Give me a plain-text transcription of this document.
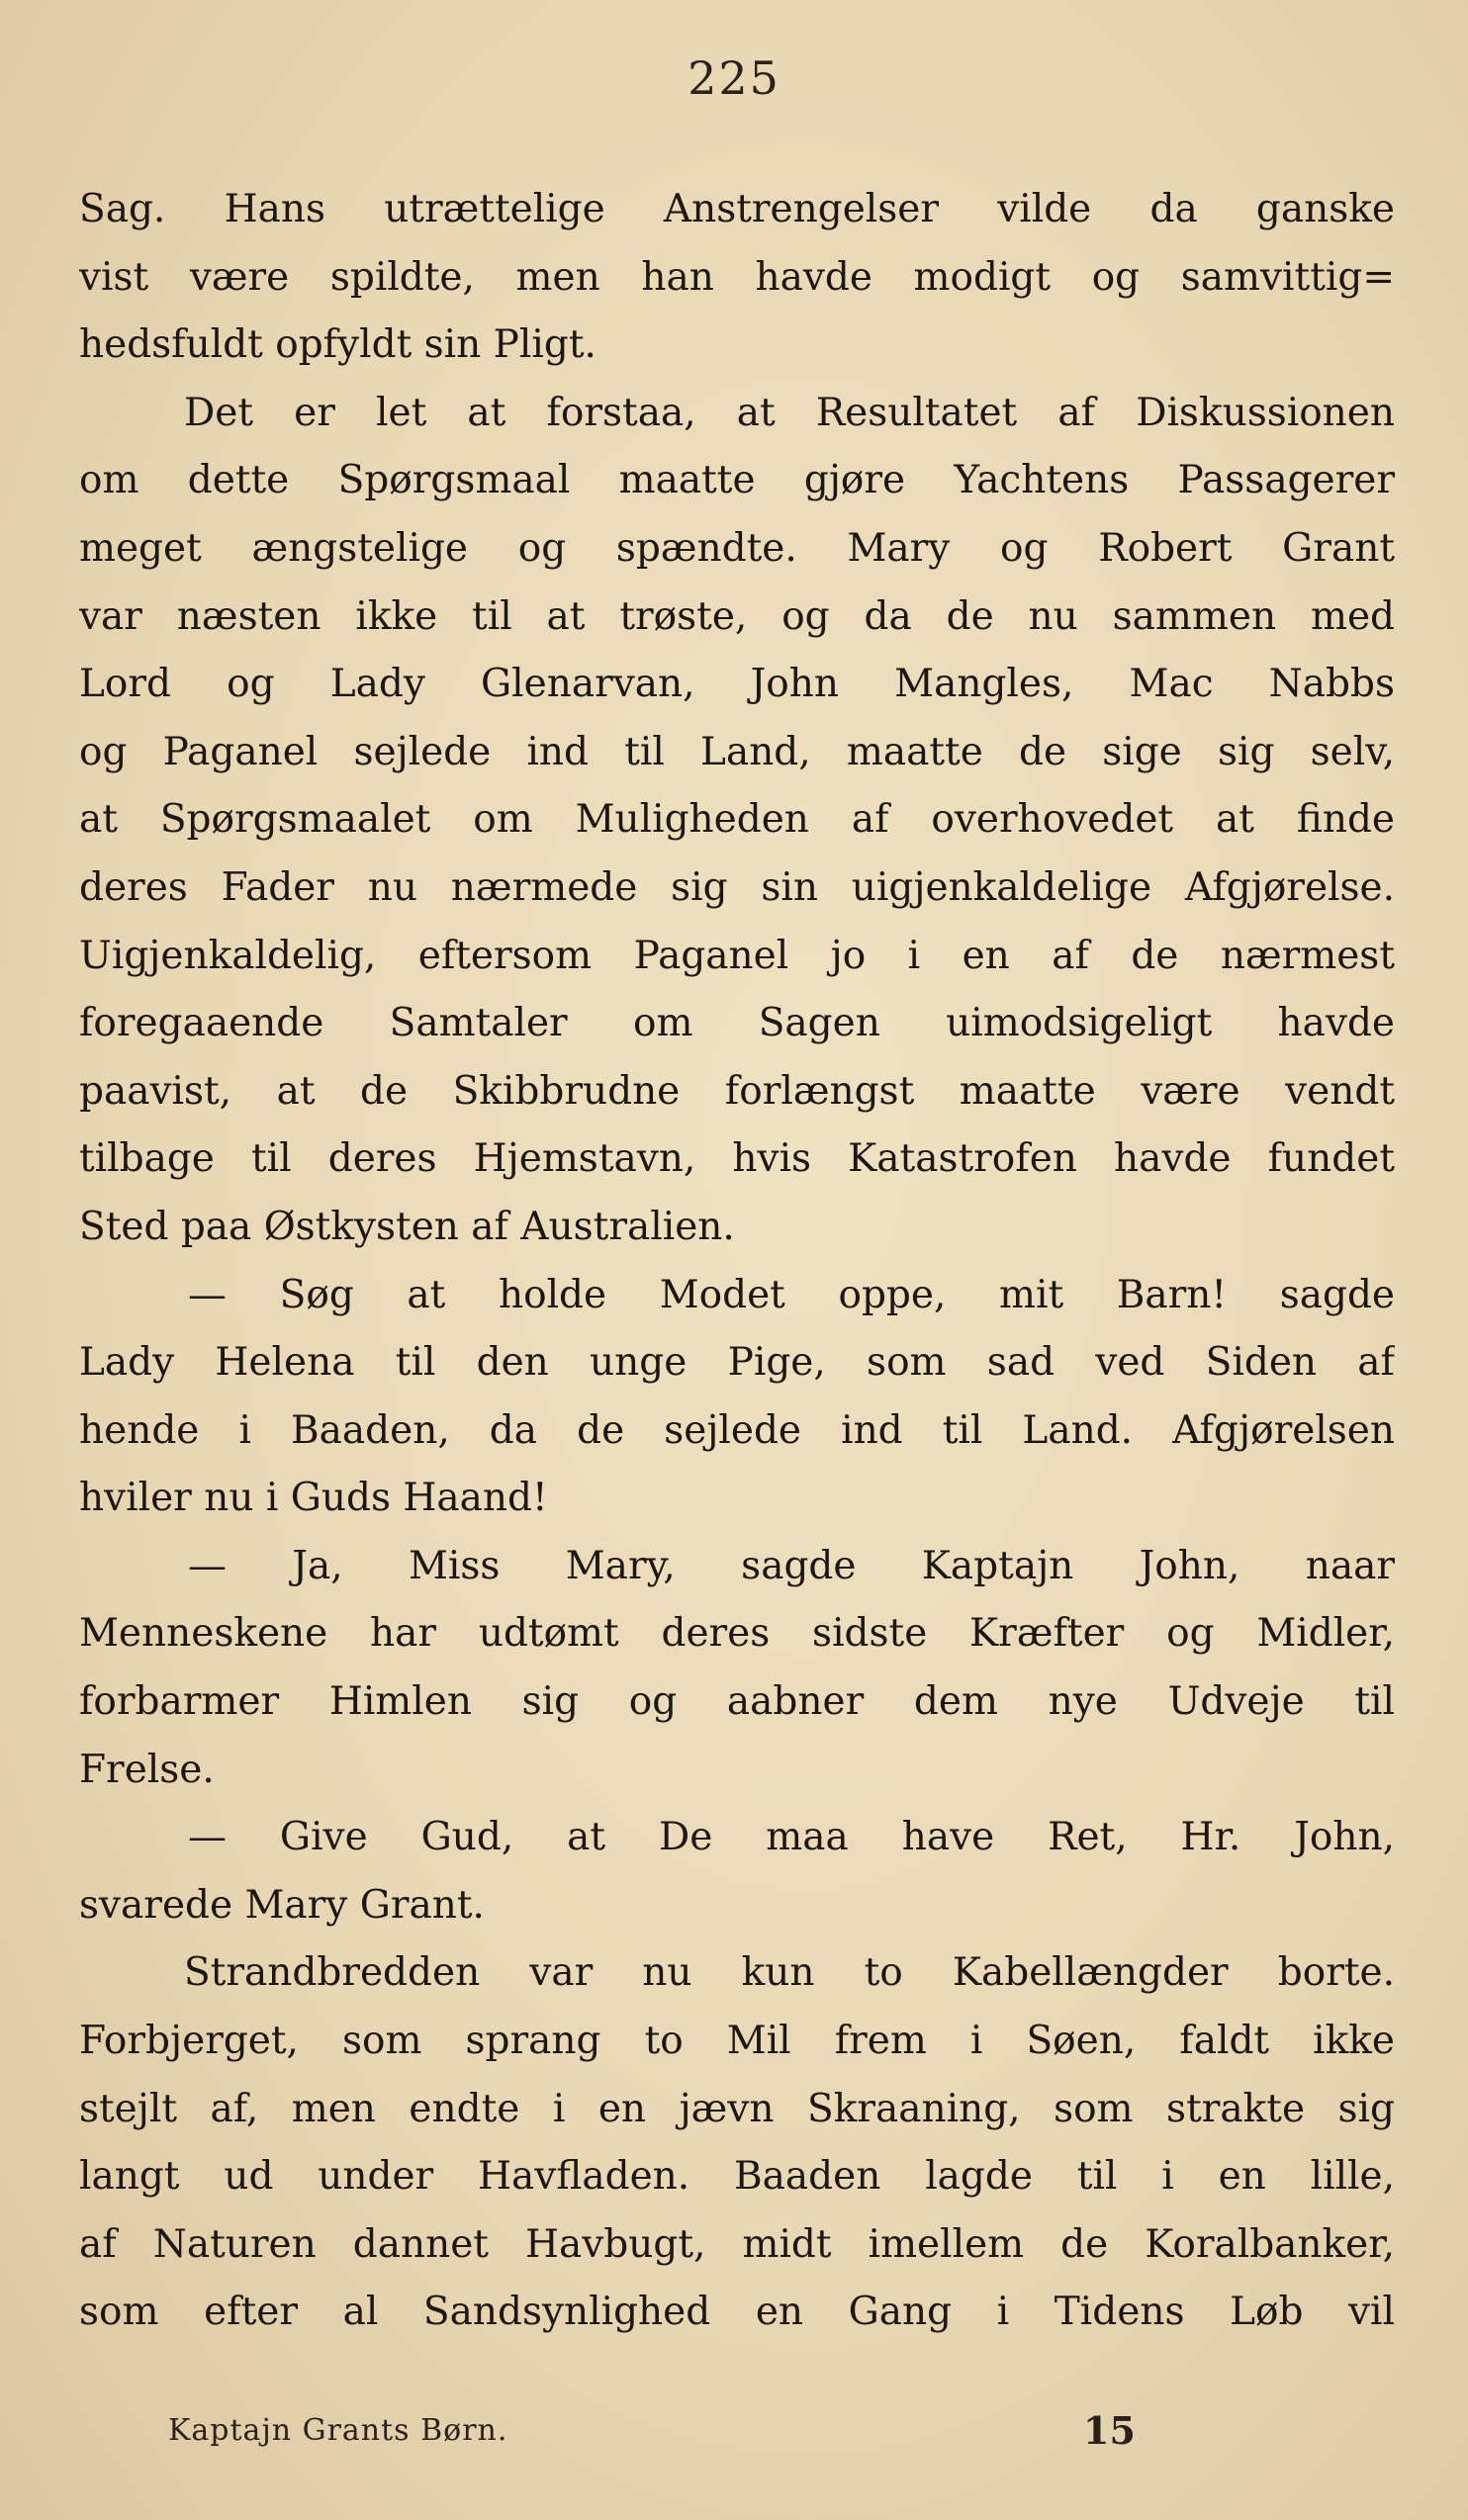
225
Sag. Hans utrættelige Anstrengelser vilde da ganske
vist være spildte, men han havde modigt og samvittig=
hedsfuldt opfyldt sin Pligt.
Det er let at forstaa, at Resultatet af Diskussionen
om dette Spørgsmaal maatte gjøre Yachtens Passagerer
meget ængstelige og spændte. Mary og Robert Grant
var næsten ikke til at trøste, og da de nu sammen med
Lord og Lady Glenarvan, John Mangles, Mac Nabbs
og Paganel sejlede ind til Land, maatte de sige sig selv,
at Spørgsmaalet om Muligheden af overhovedet at finde
deres Fader nu nærmede sig sin uigjenkaldelige Afgjørelse.
Uigjenkaldelig, eftersom Paganel jo i en af de nærmest
foregaaende Samtaler om Sagen uimodsigeligt havde
paavist, at de Skibbrudne forlængst maatte være vendt
tilbage til deres Hjemstavn, hvis Katastrofen havde fundet
Sted paa Østkysten af Australien.
— Søg at holde Modet oppe, mit Barn! sagde
Lady Helena til den unge Pige, som sad ved Siden af
hende i Baaden, da de sejlede ind til Land. Afgjørelsen
hviler nu i Guds Haand!
— Ja, Miss Mary, sagde Kaptajn John, naar
Menneskene har udtømt deres sidste Kræfter og Midler,
forbarmer Himlen sig og aabner dem nye Udveje til
Frelse.
— Give Gud, at De maa have Ret, Hr. John,
svarede Mary Grant.
Strandbredden var nu kun to Kabellængder borte.
Forbjerget, som sprang to Mil frem i Søen, faldt ikke
stejlt af, men endte i en jævn Skraaning, som strakte sig
langt ud under Havfladen. Baaden lagde til i en lille,
af Naturen dannet Havbugt, midt imellem de Koralbanker,
som efter al Sandsynlighed en Gang i Tidens Løb vil
Kaptajn Grants Børn.	15
